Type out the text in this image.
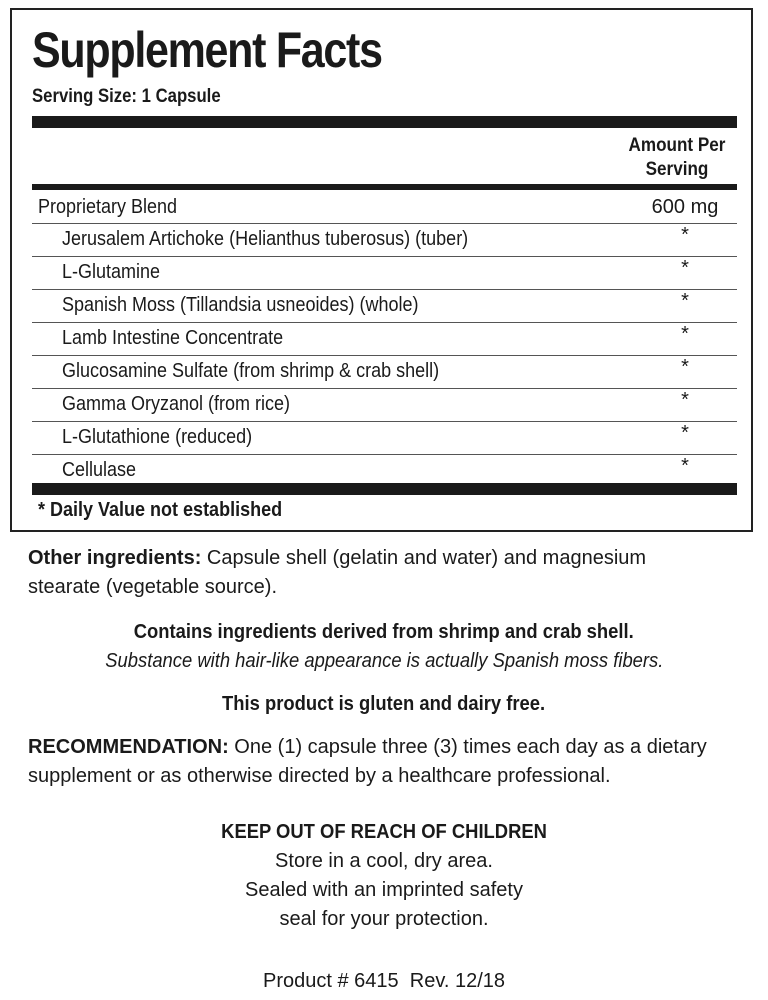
Supplement Facts
Serving Size: 1 Capsule
Amount Per
Serving
Proprietary Blend	600 mg
Jerusalem Artichoke (Helianthus tuberosus) (tuber)	*
L-Glutamine	*
Spanish Moss (Tillandsia usneoides) (whole)	*
Lamb Intestine Concentrate	*
Glucosamine Sulfate (from shrimp & crab shell)	*
Gamma Oryzanol (from rice)	*
L-Glutathione (reduced)	*
Cellulase	*
* Daily Value not established
Other ingredients: Capsule shell (gelatin and water) and magnesium
stearate (vegetable source).
Contains ingredients derived from shrimp and crab shell.
Substance with hair-like appearance is actually Spanish moss fibers.
This product is gluten and dairy free.
RECOMMENDATION: One (1) capsule three (3) times each day as a dietary
supplement or as otherwise directed by a healthcare professional.
KEEP OUT OF REACH OF CHILDREN
Store in a cool, dry area.
Sealed with an imprinted safety
seal for your protection.
Product # 6415  Rev. 12/18
